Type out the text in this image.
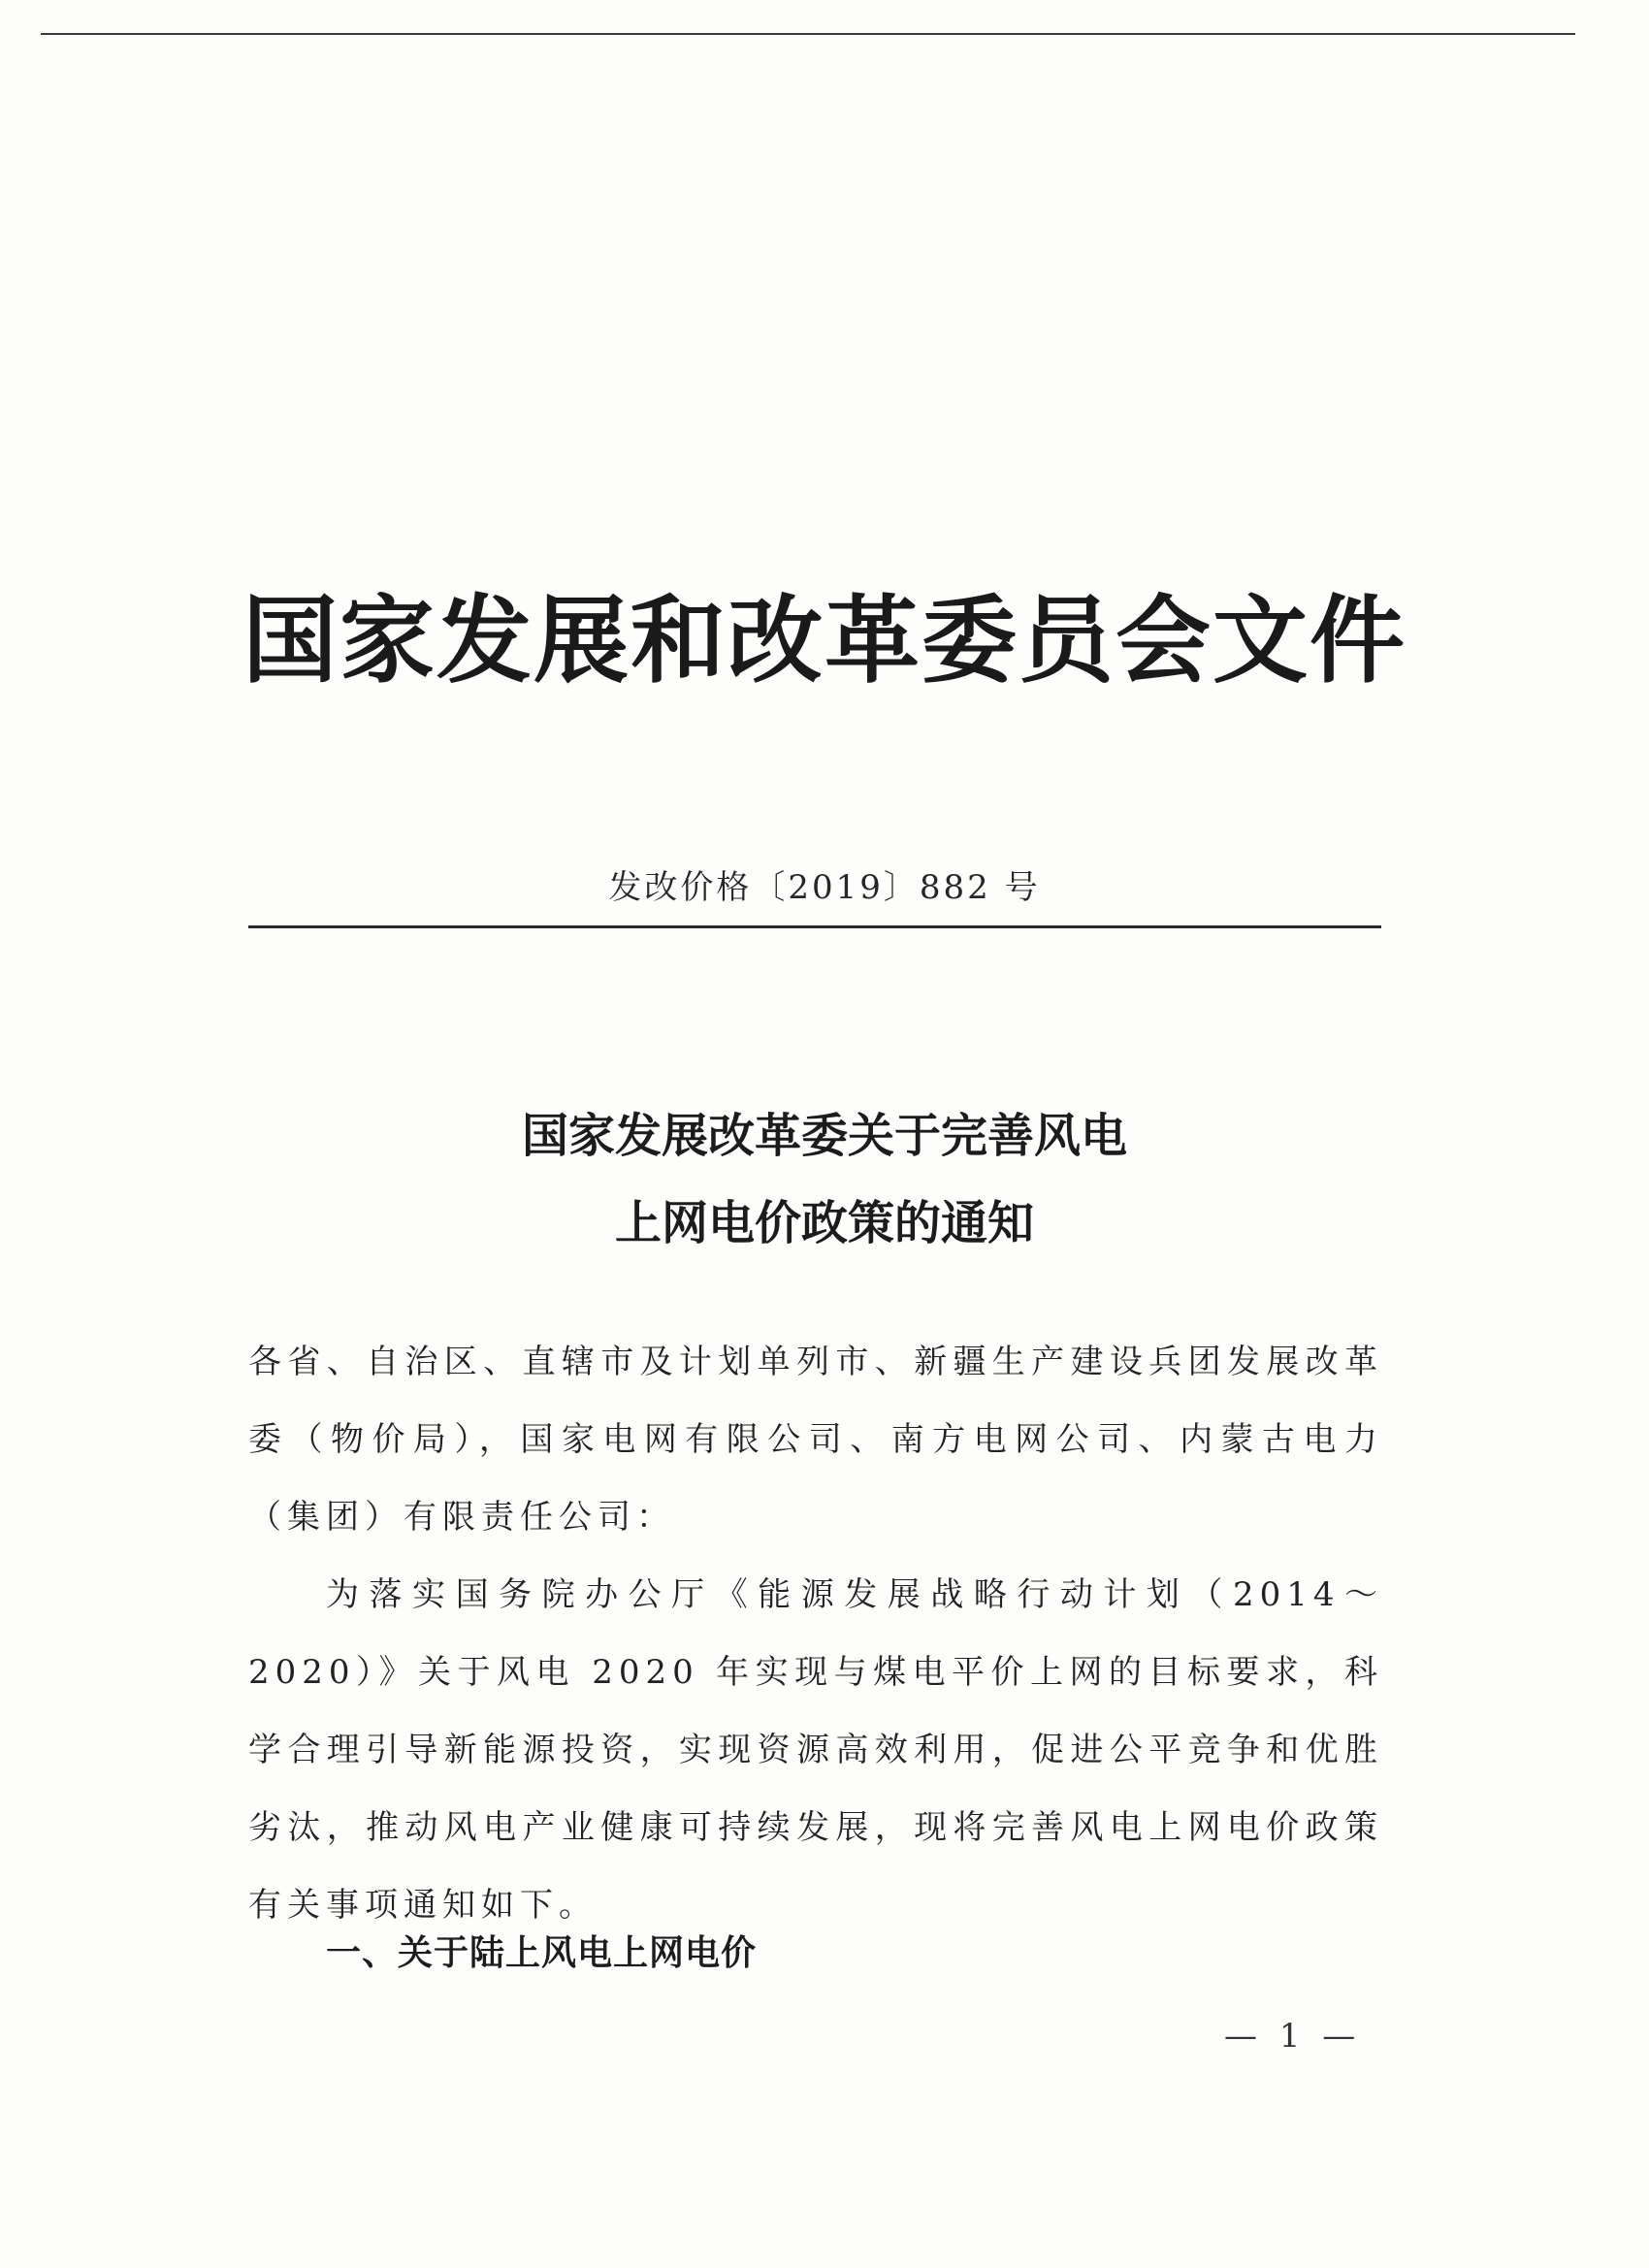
国家发展和改革委员会文件
发改价格〔2019〕882 号
国家发展改革委关于完善风电
上网电价政策的通知
各省、自治区、直辖市及计划单列市、新疆生产建设兵团发展改革委（物价局），国家电网有限公司、南方电网公司、内蒙古电力（集团）有限责任公司：
为落实国务院办公厅《能源发展战略行动计划（2014～2020）》关于风电 2020 年实现与煤电平价上网的目标要求，科学合理引导新能源投资，实现资源高效利用，促进公平竞争和优胜劣汰，推动风电产业健康可持续发展，现将完善风电上网电价政策有关事项通知如下。
一、关于陆上风电上网电价
— 1 —
